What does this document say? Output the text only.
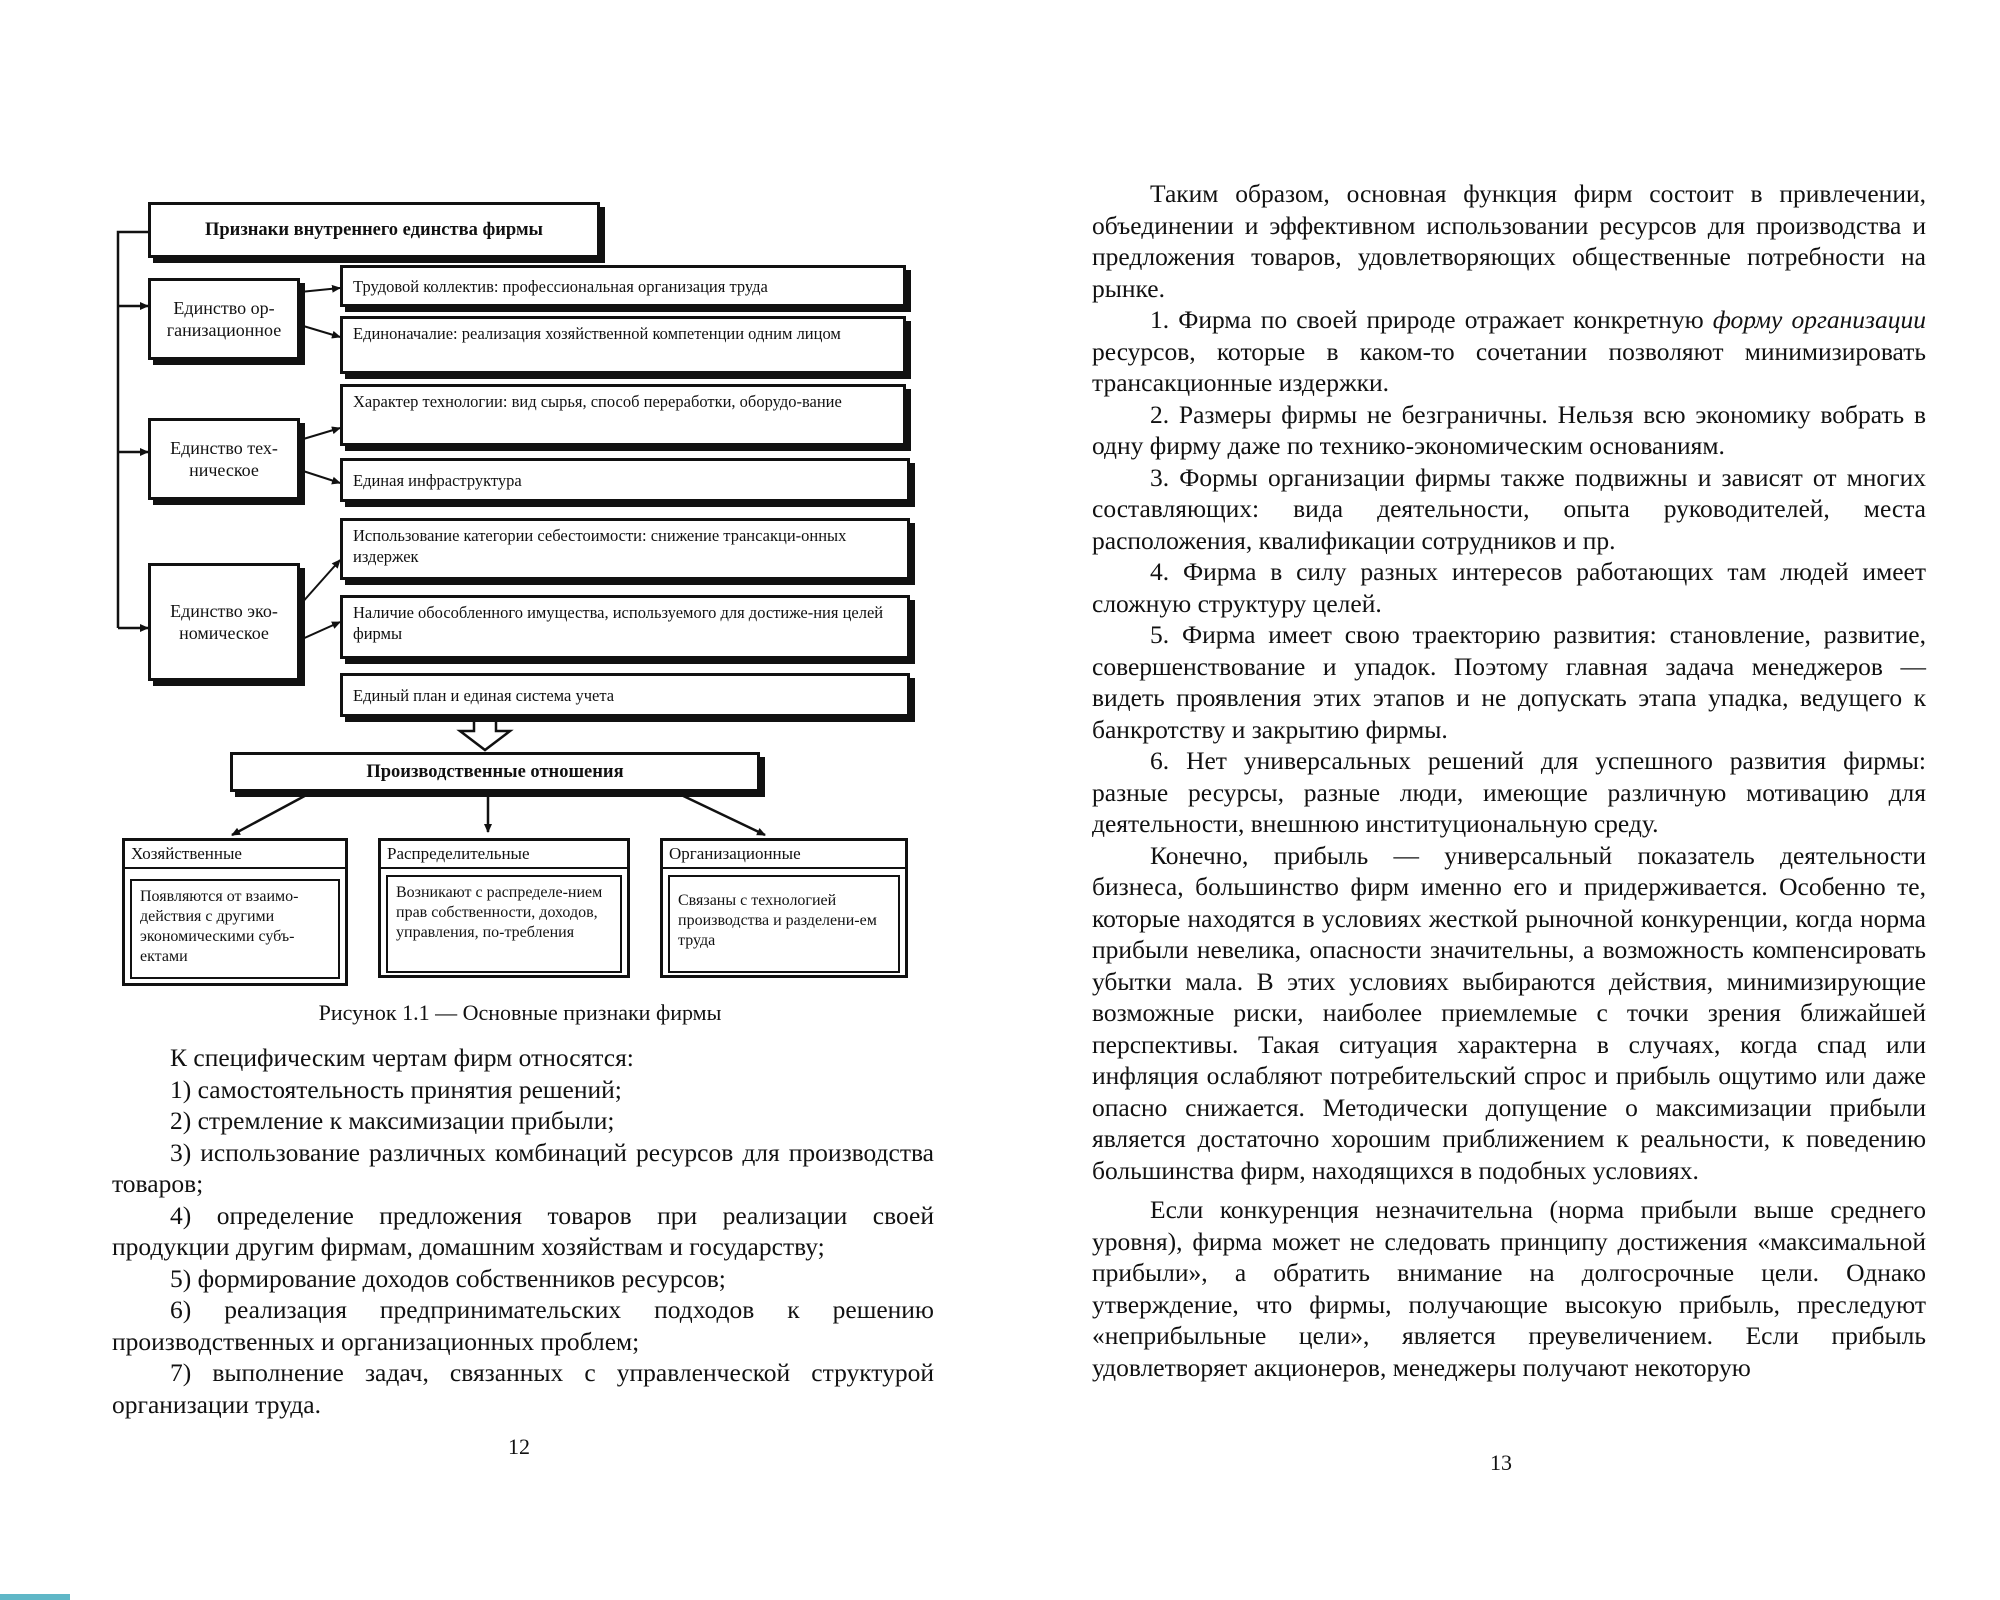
Признаки внутреннего единства фирмы
Единство ор-ганизационное
Единство тех-ническое
Единство эко-номическое
Трудовой коллектив: профессиональная организация труда
Единоначалие: реализация хозяйственной компетенции одним лицом
Характер технологии: вид сырья, способ переработки, оборудо-вание
Единая инфраструктура
Использование категории себестоимости: снижение трансакци-онных издержек
Наличие обособленного имущества, используемого для достиже-ния целей фирмы
Единый план и единая система учета
Производственные отношения
Хозяйственные
Появляются от взаимо-действия с другими экономическими субъ-ектами
Распределительные
Возникают с распределе-нием прав собственности, доходов, управления, по-требления
Организационные
Связаны с технологией производства и разделени-ем труда
Рисунок 1.1 — Основные признаки фирмы

К специфическим чертам фирм относятся:

1) самостоятельность принятия решений;

2) стремление к максимизации прибыли;

3) использование различных комбинаций ресурсов для производства товаров;

4) определение предложения товаров при реализации своей продукции другим фирмам, домашним хозяйствам и государству;

5) формирование доходов собственников ресурсов;

6) реализация предпринимательских подходов к решению производственных и организационных проблем;

7) выполнение задач, связанных с управленческой структурой организации труда.

12

Таким образом, основная функция фирм состоит в привлечении, объединении и эффективном использовании ресурсов для производства и предложения товаров, удовлетворяющих общественные потребности на рынке.

1. Фирма по своей природе отражает конкретную форму организации ресурсов, которые в каком-то сочетании позволяют минимизировать трансакционные издержки.

2. Размеры фирмы не безграничны. Нельзя всю экономику вобрать в одну фирму даже по технико-экономическим основаниям.

3. Формы организации фирмы также подвижны и зависят от многих составляющих: вида деятельности, опыта руководителей, места расположения, квалификации сотрудников и пр.

4. Фирма в силу разных интересов работающих там людей имеет сложную структуру целей.

5. Фирма имеет свою траекторию развития: становление, развитие, совершенствование и упадок. Поэтому главная задача менеджеров — видеть проявления этих этапов и не допускать этапа упадка, ведущего к банкротству и закрытию фирмы.

6. Нет универсальных решений для успешного развития фирмы: разные ресурсы, разные люди, имеющие различную мотивацию для деятельности, внешнюю институциональную среду.

Конечно, прибыль — универсальный показатель деятельности бизнеса, большинство фирм именно его и придерживается. Особенно те, которые находятся в условиях жесткой рыночной конкуренции, когда норма прибыли невелика, опасности значительны, а возможность компенсировать убытки мала. В этих условиях выбираются действия, минимизирующие возможные риски, наиболее приемлемые с точки зрения ближайшей перспективы. Такая ситуация характерна в случаях, когда спад или инфляция ослабляют потребительский спрос и прибыль ощутимо или даже опасно снижается. Методически допущение о максимизации прибыли является достаточно хорошим приближением к реальности, к поведению большинства фирм, находящихся в подобных условиях.

Если конкуренция незначительна (норма прибыли выше среднего уровня), фирма может не следовать принципу достижения «максимальной прибыли», а обратить внимание на долгосрочные цели. Однако утверждение, что фирмы, получающие высокую прибыль, преследуют «неприбыльные цели», является преувеличением. Если прибыль удовлетворяет акционеров, менеджеры получают некоторую

13
